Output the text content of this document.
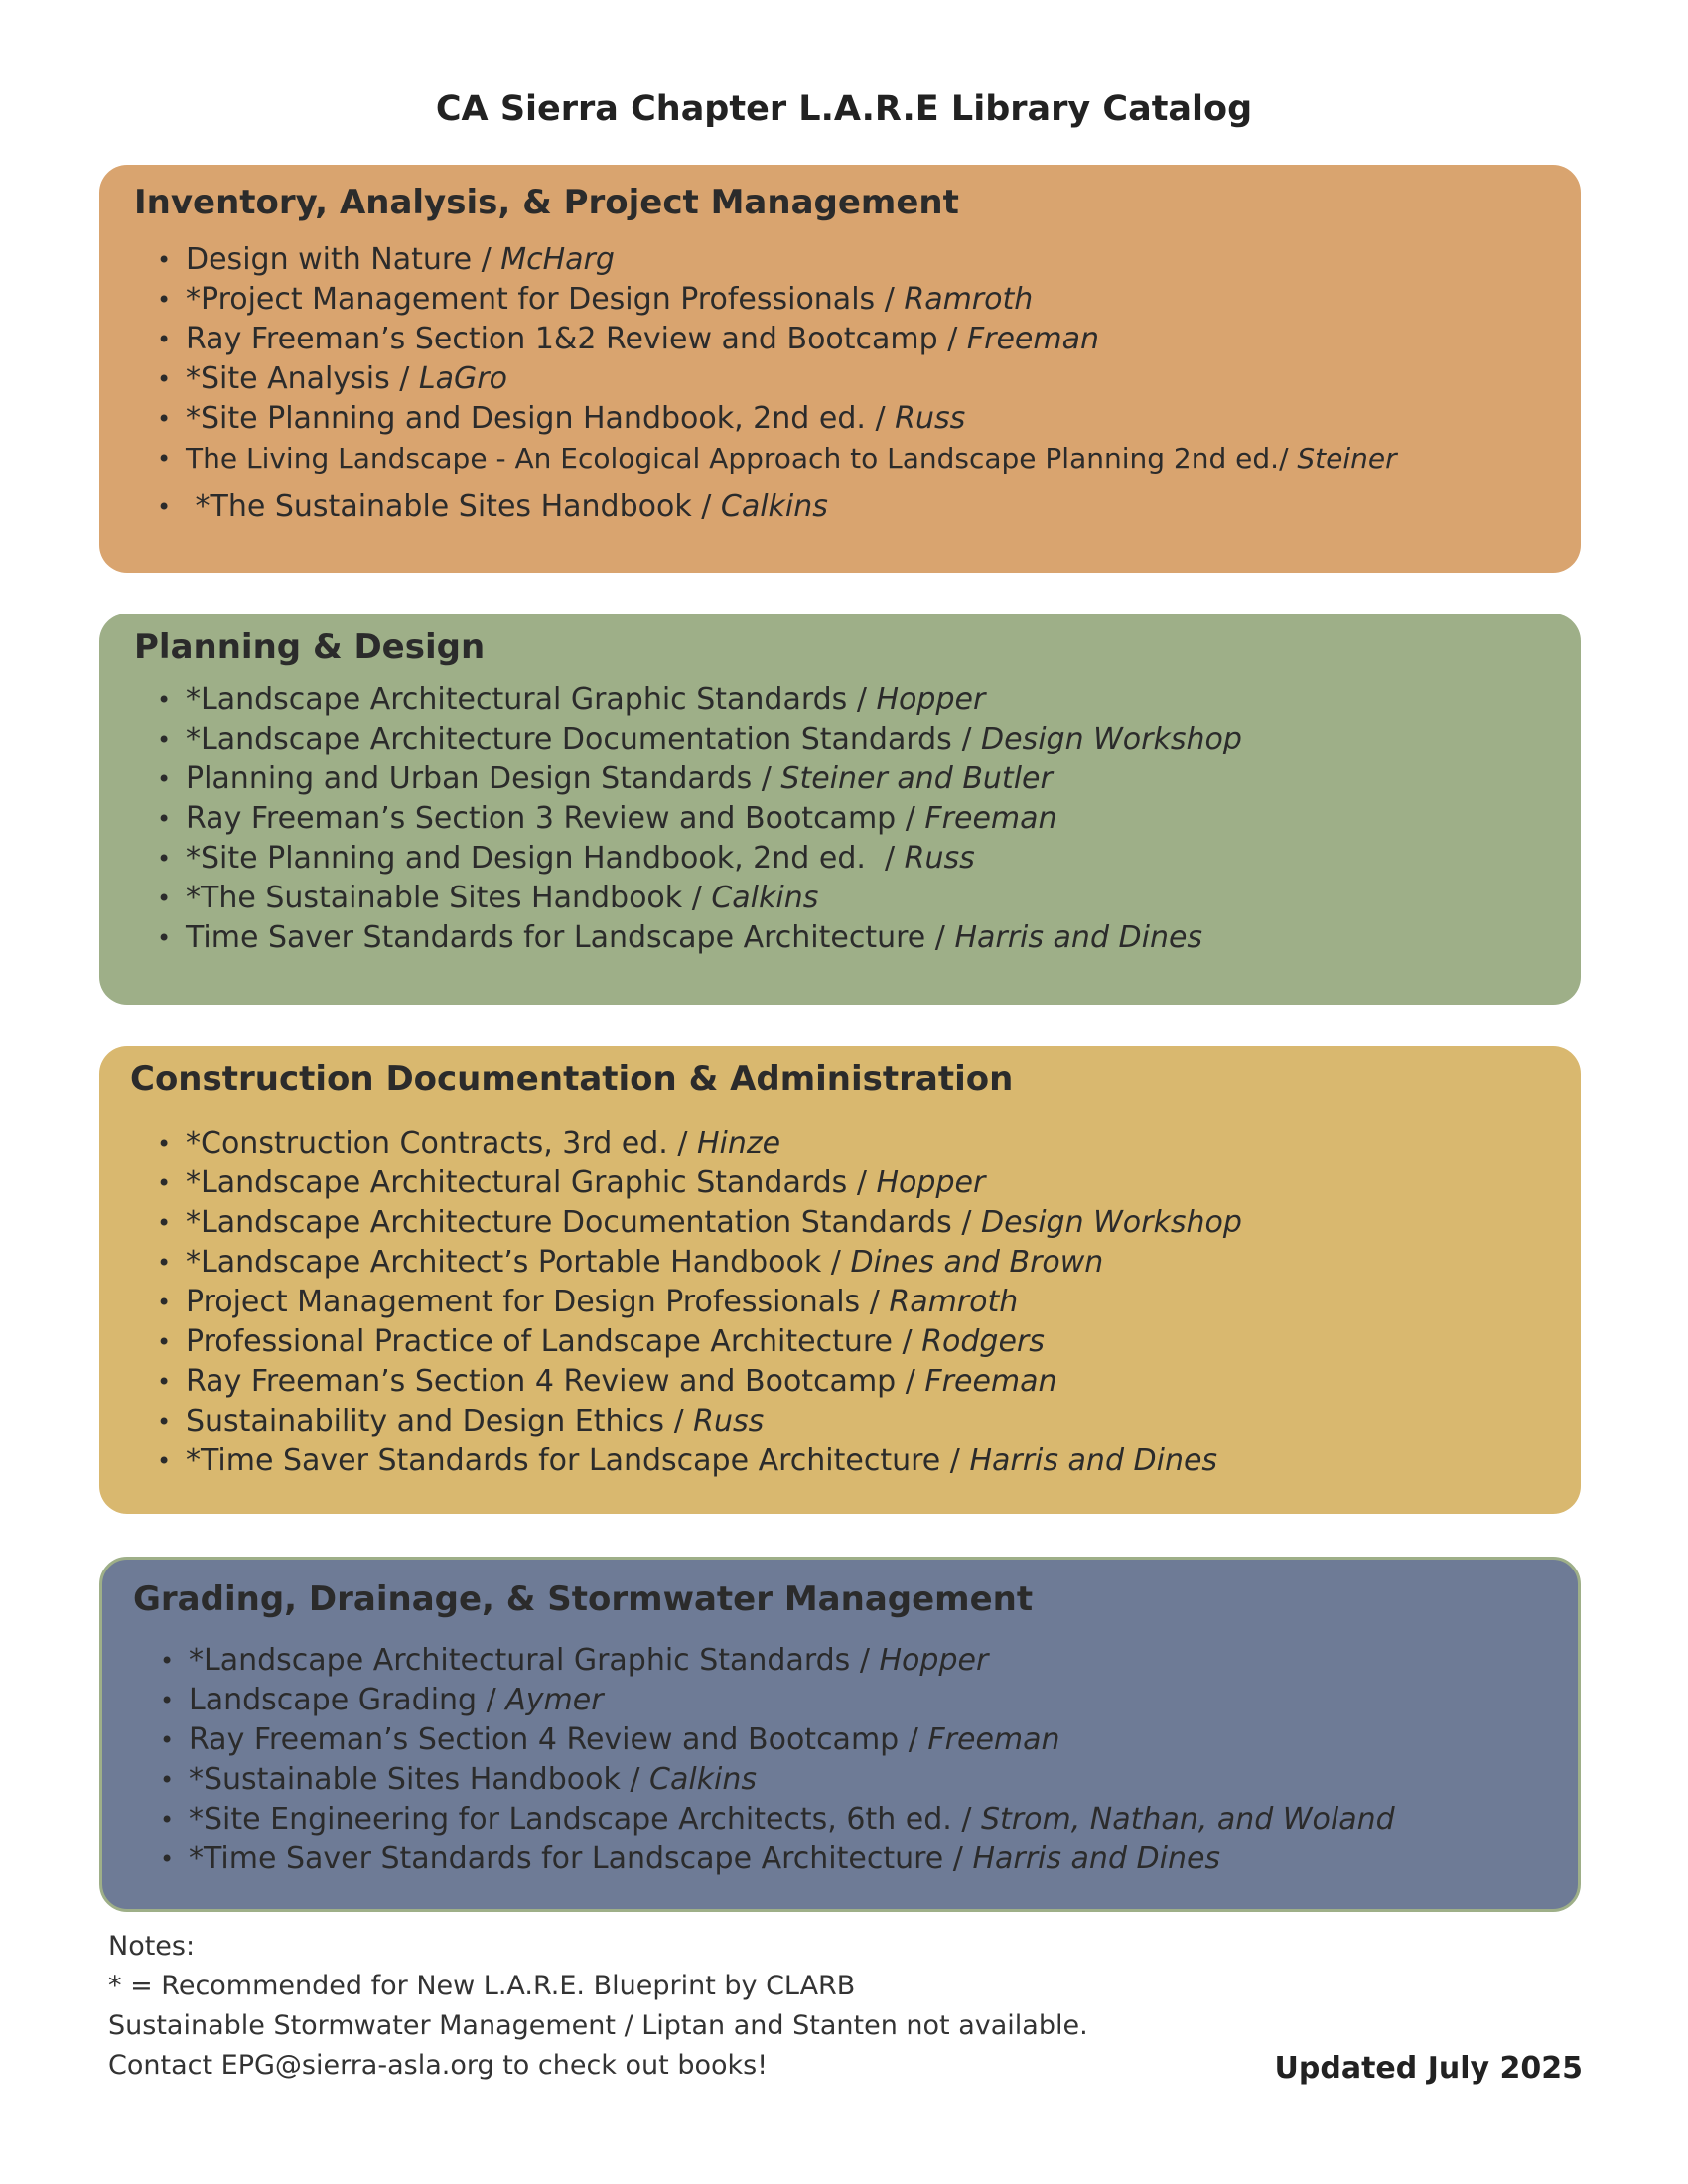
CA Sierra Chapter L.A.R.E Library Catalog
Inventory, Analysis, & Project Management
• Design with Nature / McHarg
• *Project Management for Design Professionals / Ramroth
• Ray Freeman’s Section 1&2 Review and Bootcamp / Freeman
• *Site Analysis / LaGro
• *Site Planning and Design Handbook, 2nd ed. / Russ
• The Living Landscape - An Ecological Approach to Landscape Planning 2nd ed./ Steiner
• *The Sustainable Sites Handbook / Calkins
Planning & Design
• *Landscape Architectural Graphic Standards / Hopper
• *Landscape Architecture Documentation Standards / Design Workshop
• Planning and Urban Design Standards / Steiner and Butler
• Ray Freeman’s Section 3 Review and Bootcamp / Freeman
• *Site Planning and Design Handbook, 2nd ed.  / Russ
• *The Sustainable Sites Handbook / Calkins
• Time Saver Standards for Landscape Architecture / Harris and Dines
Construction Documentation & Administration
• *Construction Contracts, 3rd ed. / Hinze
• *Landscape Architectural Graphic Standards / Hopper
• *Landscape Architecture Documentation Standards / Design Workshop
• *Landscape Architect’s Portable Handbook / Dines and Brown
• Project Management for Design Professionals / Ramroth
• Professional Practice of Landscape Architecture / Rodgers
• Ray Freeman’s Section 4 Review and Bootcamp / Freeman
• Sustainability and Design Ethics / Russ
• *Time Saver Standards for Landscape Architecture / Harris and Dines
Grading, Drainage, & Stormwater Management
• *Landscape Architectural Graphic Standards / Hopper
• Landscape Grading / Aymer
• Ray Freeman’s Section 4 Review and Bootcamp / Freeman
• *Sustainable Sites Handbook / Calkins
• *Site Engineering for Landscape Architects, 6th ed. / Strom, Nathan, and Woland
• *Time Saver Standards for Landscape Architecture / Harris and Dines
Notes:
* = Recommended for New L.A.R.E. Blueprint by CLARB
Sustainable Stormwater Management / Liptan and Stanten not available.
Contact EPG@sierra-asla.org to check out books!	Updated July 2025
